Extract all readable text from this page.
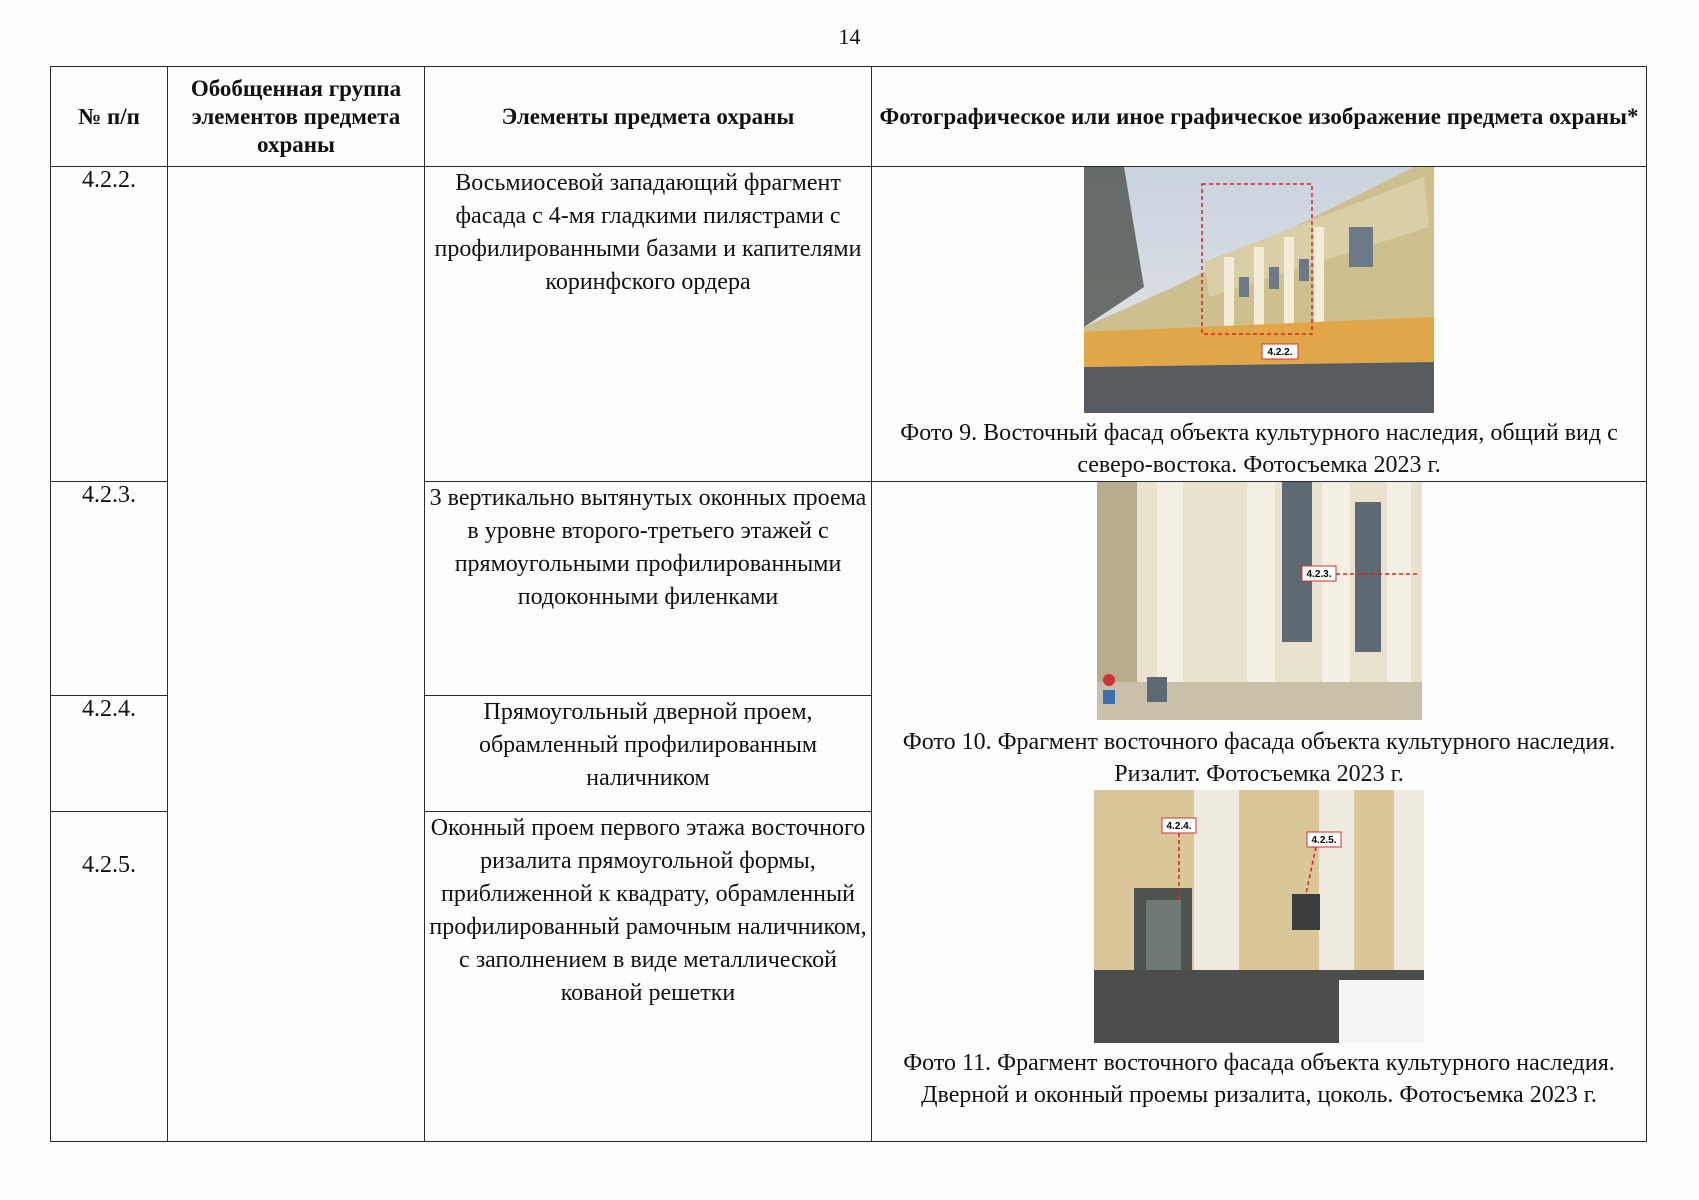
14
№ п/п	Обобщенная группа элементов предмета охраны	Элементы предмета охраны	Фотографическое или иное графическое изображение предмета охраны*
4.2.2.		Восьмиосевой западающий фрагмент фасада с 4-мя гладкими пилястрами с профилированными базами и капителями коринфского ордера	4.2.2.
Фото 9. Восточный фасад объекта культурного наследия, общий вид с северо-востока. Фотосъемка 2023 г.

4.2.3.		3 вертикально вытянутых оконных проема в уровне второго-третьего этажей с прямоугольными профилированными подоконными филенками	4.2.3.
Фото 10. Фрагмент восточного фасада объекта культурного наследия. Ризалит. Фотосъемка 2023 г.
4.2.4.
4.2.5.
Фото 11. Фрагмент восточного фасада объекта культурного наследия. Дверной и оконный проемы ризалита, цоколь. Фотосъемка 2023 г.

4.2.4.		Прямоугольный дверной проем, обрамленный профилированным наличником	
4.2.5.		Оконный проем первого этажа восточного ризалита прямоугольной формы, приближенной к квадрату, обрамленный профилированный рамочным наличником, с заполнением в виде металлической кованой решетки	
